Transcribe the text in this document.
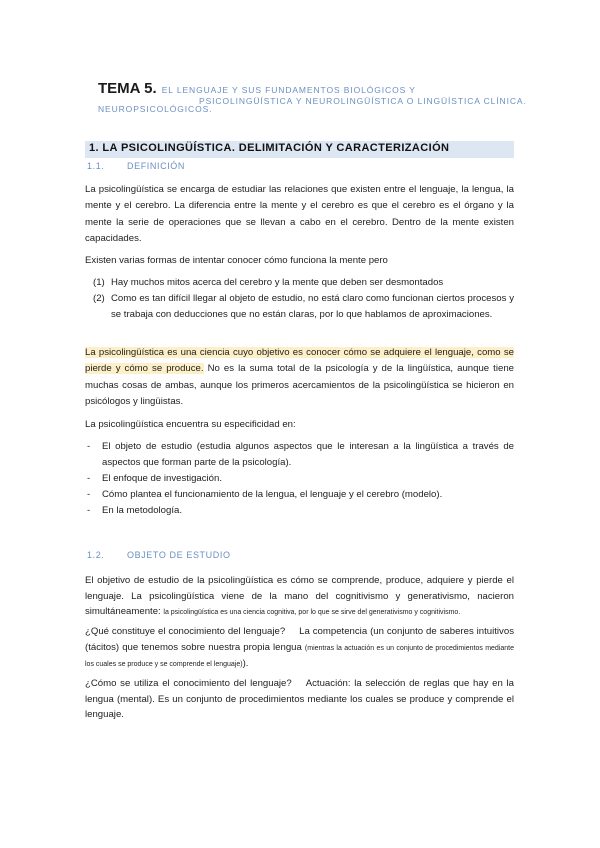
TEMA 5. EL LENGUAJE Y SUS FUNDAMENTOS BIOLÓGICOS Y NEUROPSICOLÓGICOS.
PSICOLINGÜÍSTICA Y NEUROLINGÜÍSTICA O LINGÜÍSTICA CLÍNICA.
1. LA PSICOLINGÜÍSTICA. DELIMITACIÓN Y CARACTERIZACIÓN
1.1.	DEFINICIÓN
La psicolingüística se encarga de estudiar las relaciones que existen entre el lenguaje, la lengua, la mente y el cerebro. La diferencia entre la mente y el cerebro es que el cerebro es el órgano y la mente la serie de operaciones que se llevan a cabo en el cerebro. Dentro de la mente existen capacidades.
Existen varias formas de intentar conocer cómo funciona la mente pero
(1) Hay muchos mitos acerca del cerebro y la mente que deben ser desmontados
(2) Como es tan difícil llegar al objeto de estudio, no está claro como funcionan ciertos procesos y se trabaja con deducciones que no están claras, por lo que hablamos de aproximaciones.
La psicolingüística es una ciencia cuyo objetivo es conocer cómo se adquiere el lenguaje, como se pierde y cómo se produce. No es la suma total de la psicología y de la lingüística, aunque tiene muchas cosas de ambas, aunque los primeros acercamientos de la psicolingüística se hicieron en psicólogos y lingüistas.
La psicolingüística encuentra su especificidad en:
- El objeto de estudio (estudia algunos aspectos que le interesan a la lingüística a través de aspectos que forman parte de la psicología).
- El enfoque de investigación.
- Cómo plantea el funcionamiento de la lengua, el lenguaje y el cerebro (modelo).
- En la metodología.
1.2.	OBJETO DE ESTUDIO
El objetivo de estudio de la psicolingüística es cómo se comprende, produce, adquiere y pierde el lenguaje. La psicolingüística viene de la mano del cognitivismo y generativismo, nacieron simultáneamente: la psicolingüística es una ciencia cognitiva, por lo que se sirve del generativismo y cognitivismo.
¿Qué constituye el conocimiento del lenguaje? La competencia (un conjunto de saberes intuitivos (tácitos) que tenemos sobre nuestra propia lengua (mientras la actuación es un conjunto de procedimientos mediante los cuales se produce y se comprende el lenguaje)).
¿Cómo se utiliza el conocimiento del lenguaje? Actuación: la selección de reglas que hay en la lengua (mental). Es un conjunto de procedimientos mediante los cuales se produce y comprende el lenguaje.
